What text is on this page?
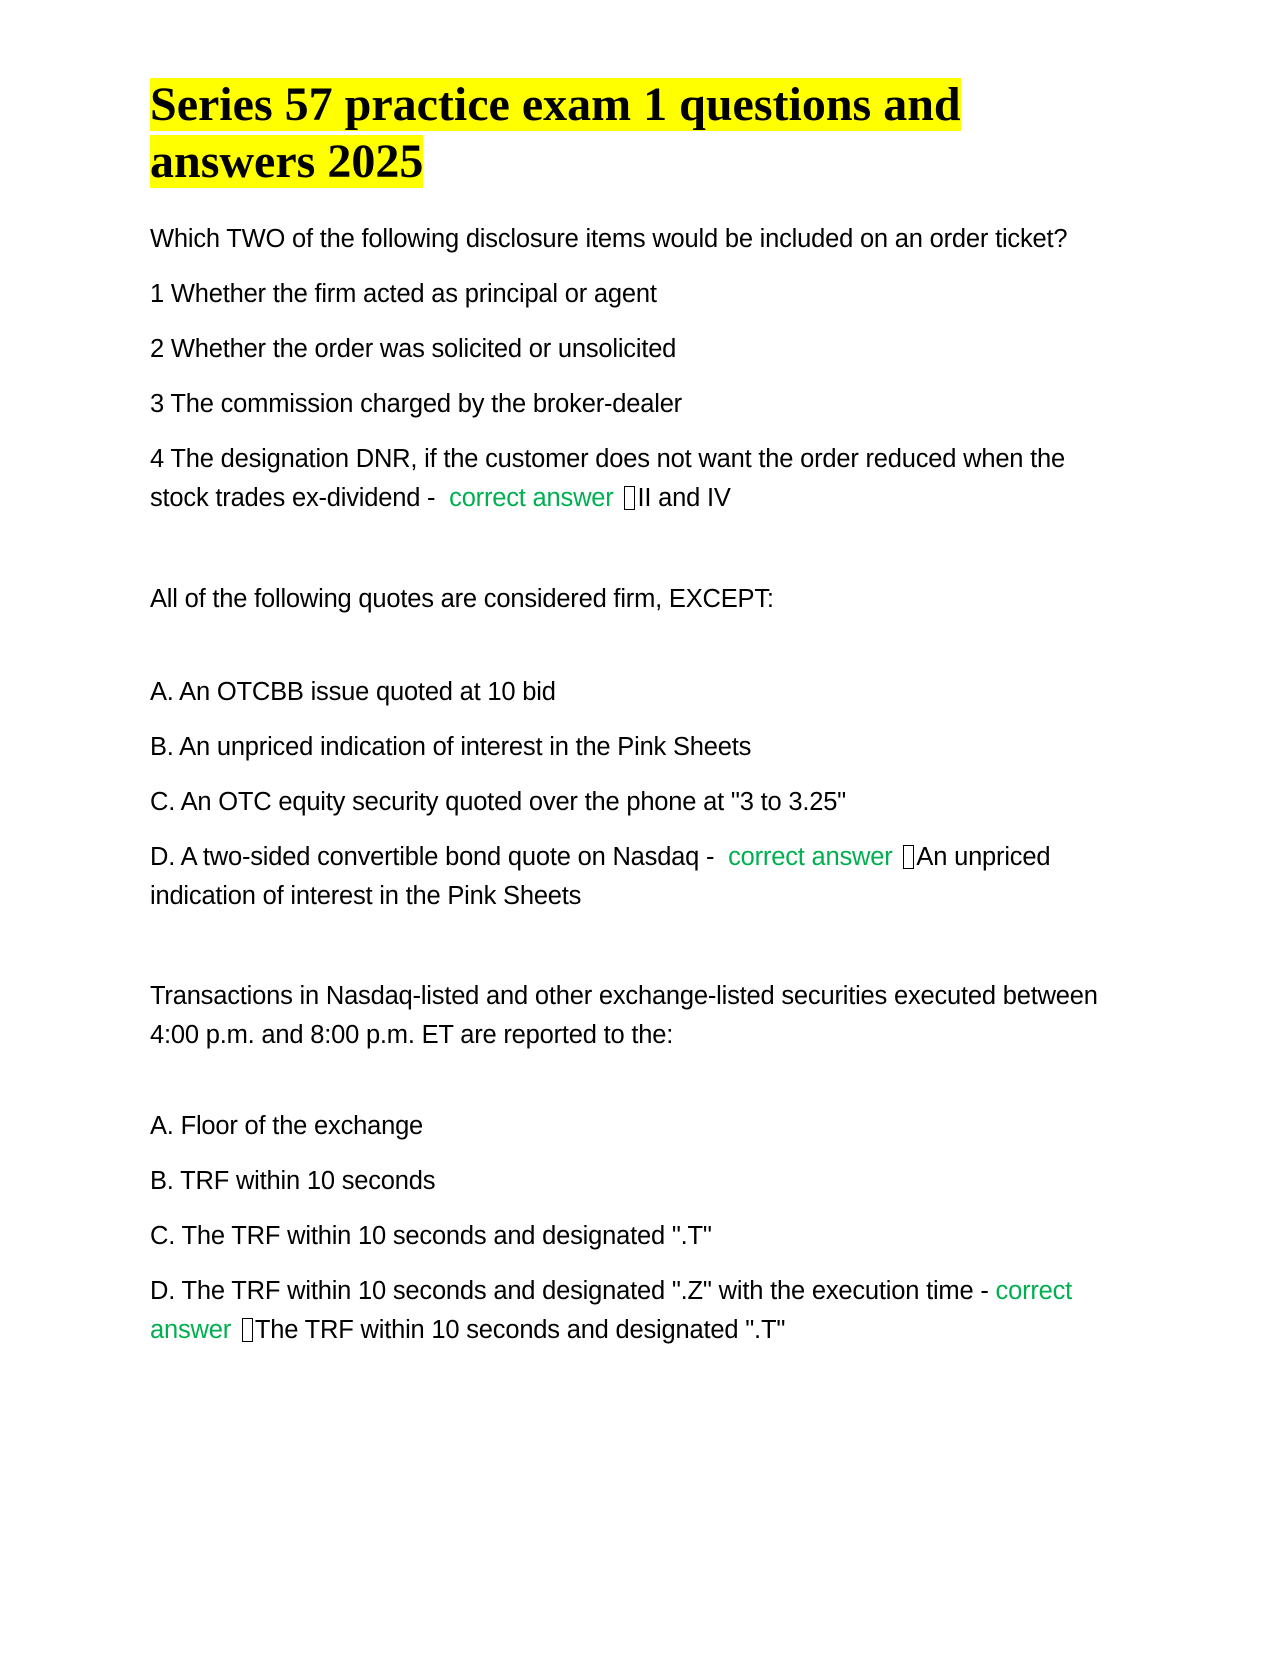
Series 57 practice exam 1 questions and answers 2025

Which TWO of the following disclosure items would be included on an order ticket?

1 Whether the firm acted as principal or agent

2 Whether the order was solicited or unsolicited

3 The commission charged by the broker-dealer

4 The designation DNR, if the customer does not want the order reduced when the stock trades ex-dividend - correct answer II and IV

All of the following quotes are considered firm, EXCEPT:

A. An OTCBB issue quoted at 10 bid

B. An unpriced indication of interest in the Pink Sheets

C. An OTC equity security quoted over the phone at "3 to 3.25"

D. A two-sided convertible bond quote on Nasdaq - correct answer An unpriced indication of interest in the Pink Sheets

Transactions in Nasdaq-listed and other exchange-listed securities executed between 4:00 p.m. and 8:00 p.m. ET are reported to the:

A. Floor of the exchange

B. TRF within 10 seconds

C. The TRF within 10 seconds and designated ".T"

D. The TRF within 10 seconds and designated ".Z" with the execution time - correct answer The TRF within 10 seconds and designated ".T"
